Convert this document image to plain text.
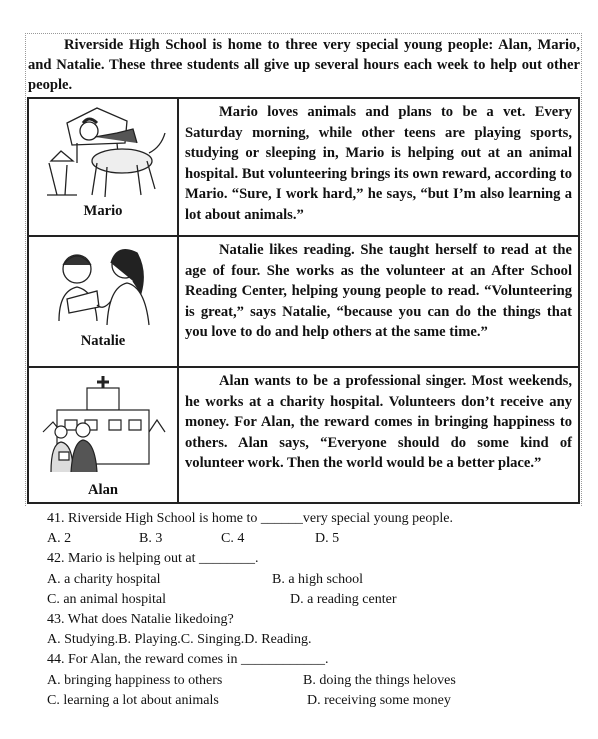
Riverside High School is home to three very special young people: Alan, Mario, and Natalie. These three students all give up several hours each week to help out other people.

Mario	Mario loves animals and plans to be a vet. Every Saturday morning, while other teens are playing sports, studying or sleeping in, Mario is helping out at an animal hospital. But volunteering brings its own reward, according to Mario. “Sure, I work hard,” he says, “but I’m also learning a lot about animals.”

Natalie	Natalie likes reading. She taught herself to read at the age of four. She works as the volunteer at an After School Reading Center, helping young people to read. “Volunteering is great,” says Natalie, “because you can do the things that you love to do and help others at the same time.”

Alan	Alan wants to be a professional singer. Most weekends, he works at a charity hospital. Volunteers don’t receive any money. For Alan, the reward comes in bringing happiness to others. Alan says, “Everyone should do some kind of volunteer work. Then the world would be a better place.”

41. Riverside High School is home to ______very special young people.
A. 2	B. 3	C. 4	D. 5
42. Mario is helping out at ________.
A. a charity hospital	B. a high school
C. an animal hospital	D. a reading center
43. What does Natalie likedoing?
A. Studying.B. Playing.C. Singing.D. Reading.
44. For Alan, the reward comes in ____________.
A. bringing happiness to others	B. doing the things heloves
C. learning a lot about animals	D. receiving some money
